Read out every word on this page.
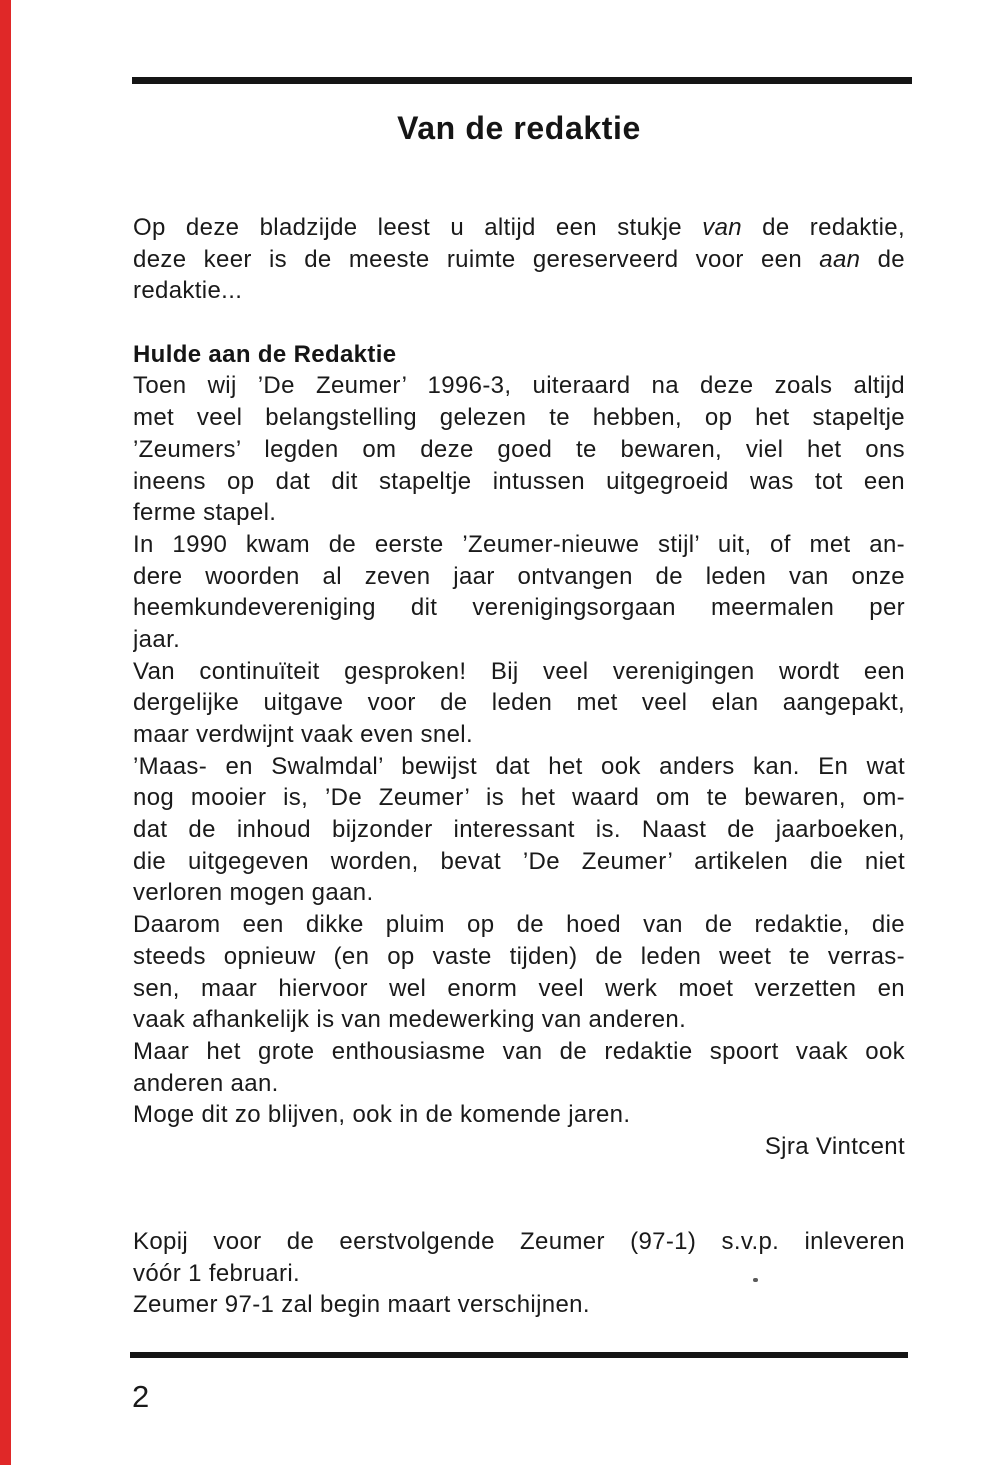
Van de redaktie
Op deze bladzijde leest u altijd een stukje van de redaktie,
deze keer is de meeste ruimte gereserveerd voor een aan de
redaktie...

Hulde aan de Redaktie
Toen wij ’De Zeumer’ 1996-3, uiteraard na deze zoals altijd
met veel belangstelling gelezen te hebben, op het stapeltje
’Zeumers’ legden om deze goed te bewaren, viel het ons
ineens op dat dit stapeltje intussen uitgegroeid was tot een
ferme stapel.
In 1990 kwam de eerste ’Zeumer-nieuwe stijl’ uit, of met an-
dere woorden al zeven jaar ontvangen de leden van onze
heemkundevereniging dit verenigingsorgaan meermalen per
jaar.
Van continuïteit gesproken! Bij veel verenigingen wordt een
dergelijke uitgave voor de leden met veel elan aangepakt,
maar verdwijnt vaak even snel.
’Maas- en Swalmdal’ bewijst dat het ook anders kan. En wat
nog mooier is, ’De Zeumer’ is het waard om te bewaren, om-
dat de inhoud bijzonder interessant is. Naast de jaarboeken,
die uitgegeven worden, bevat ’De Zeumer’ artikelen die niet
verloren mogen gaan.
Daarom een dikke pluim op de hoed van de redaktie, die
steeds opnieuw (en op vaste tijden) de leden weet te verras-
sen, maar hiervoor wel enorm veel werk moet verzetten en
vaak afhankelijk is van medewerking van anderen.
Maar het grote enthousiasme van de redaktie spoort vaak ook
anderen aan.
Moge dit zo blijven, ook in de komende jaren.
Sjra Vintcent

Kopij voor de eerstvolgende Zeumer (97-1) s.v.p. inleveren
vóór 1 februari.
Zeumer 97-1 zal begin maart verschijnen.
2
